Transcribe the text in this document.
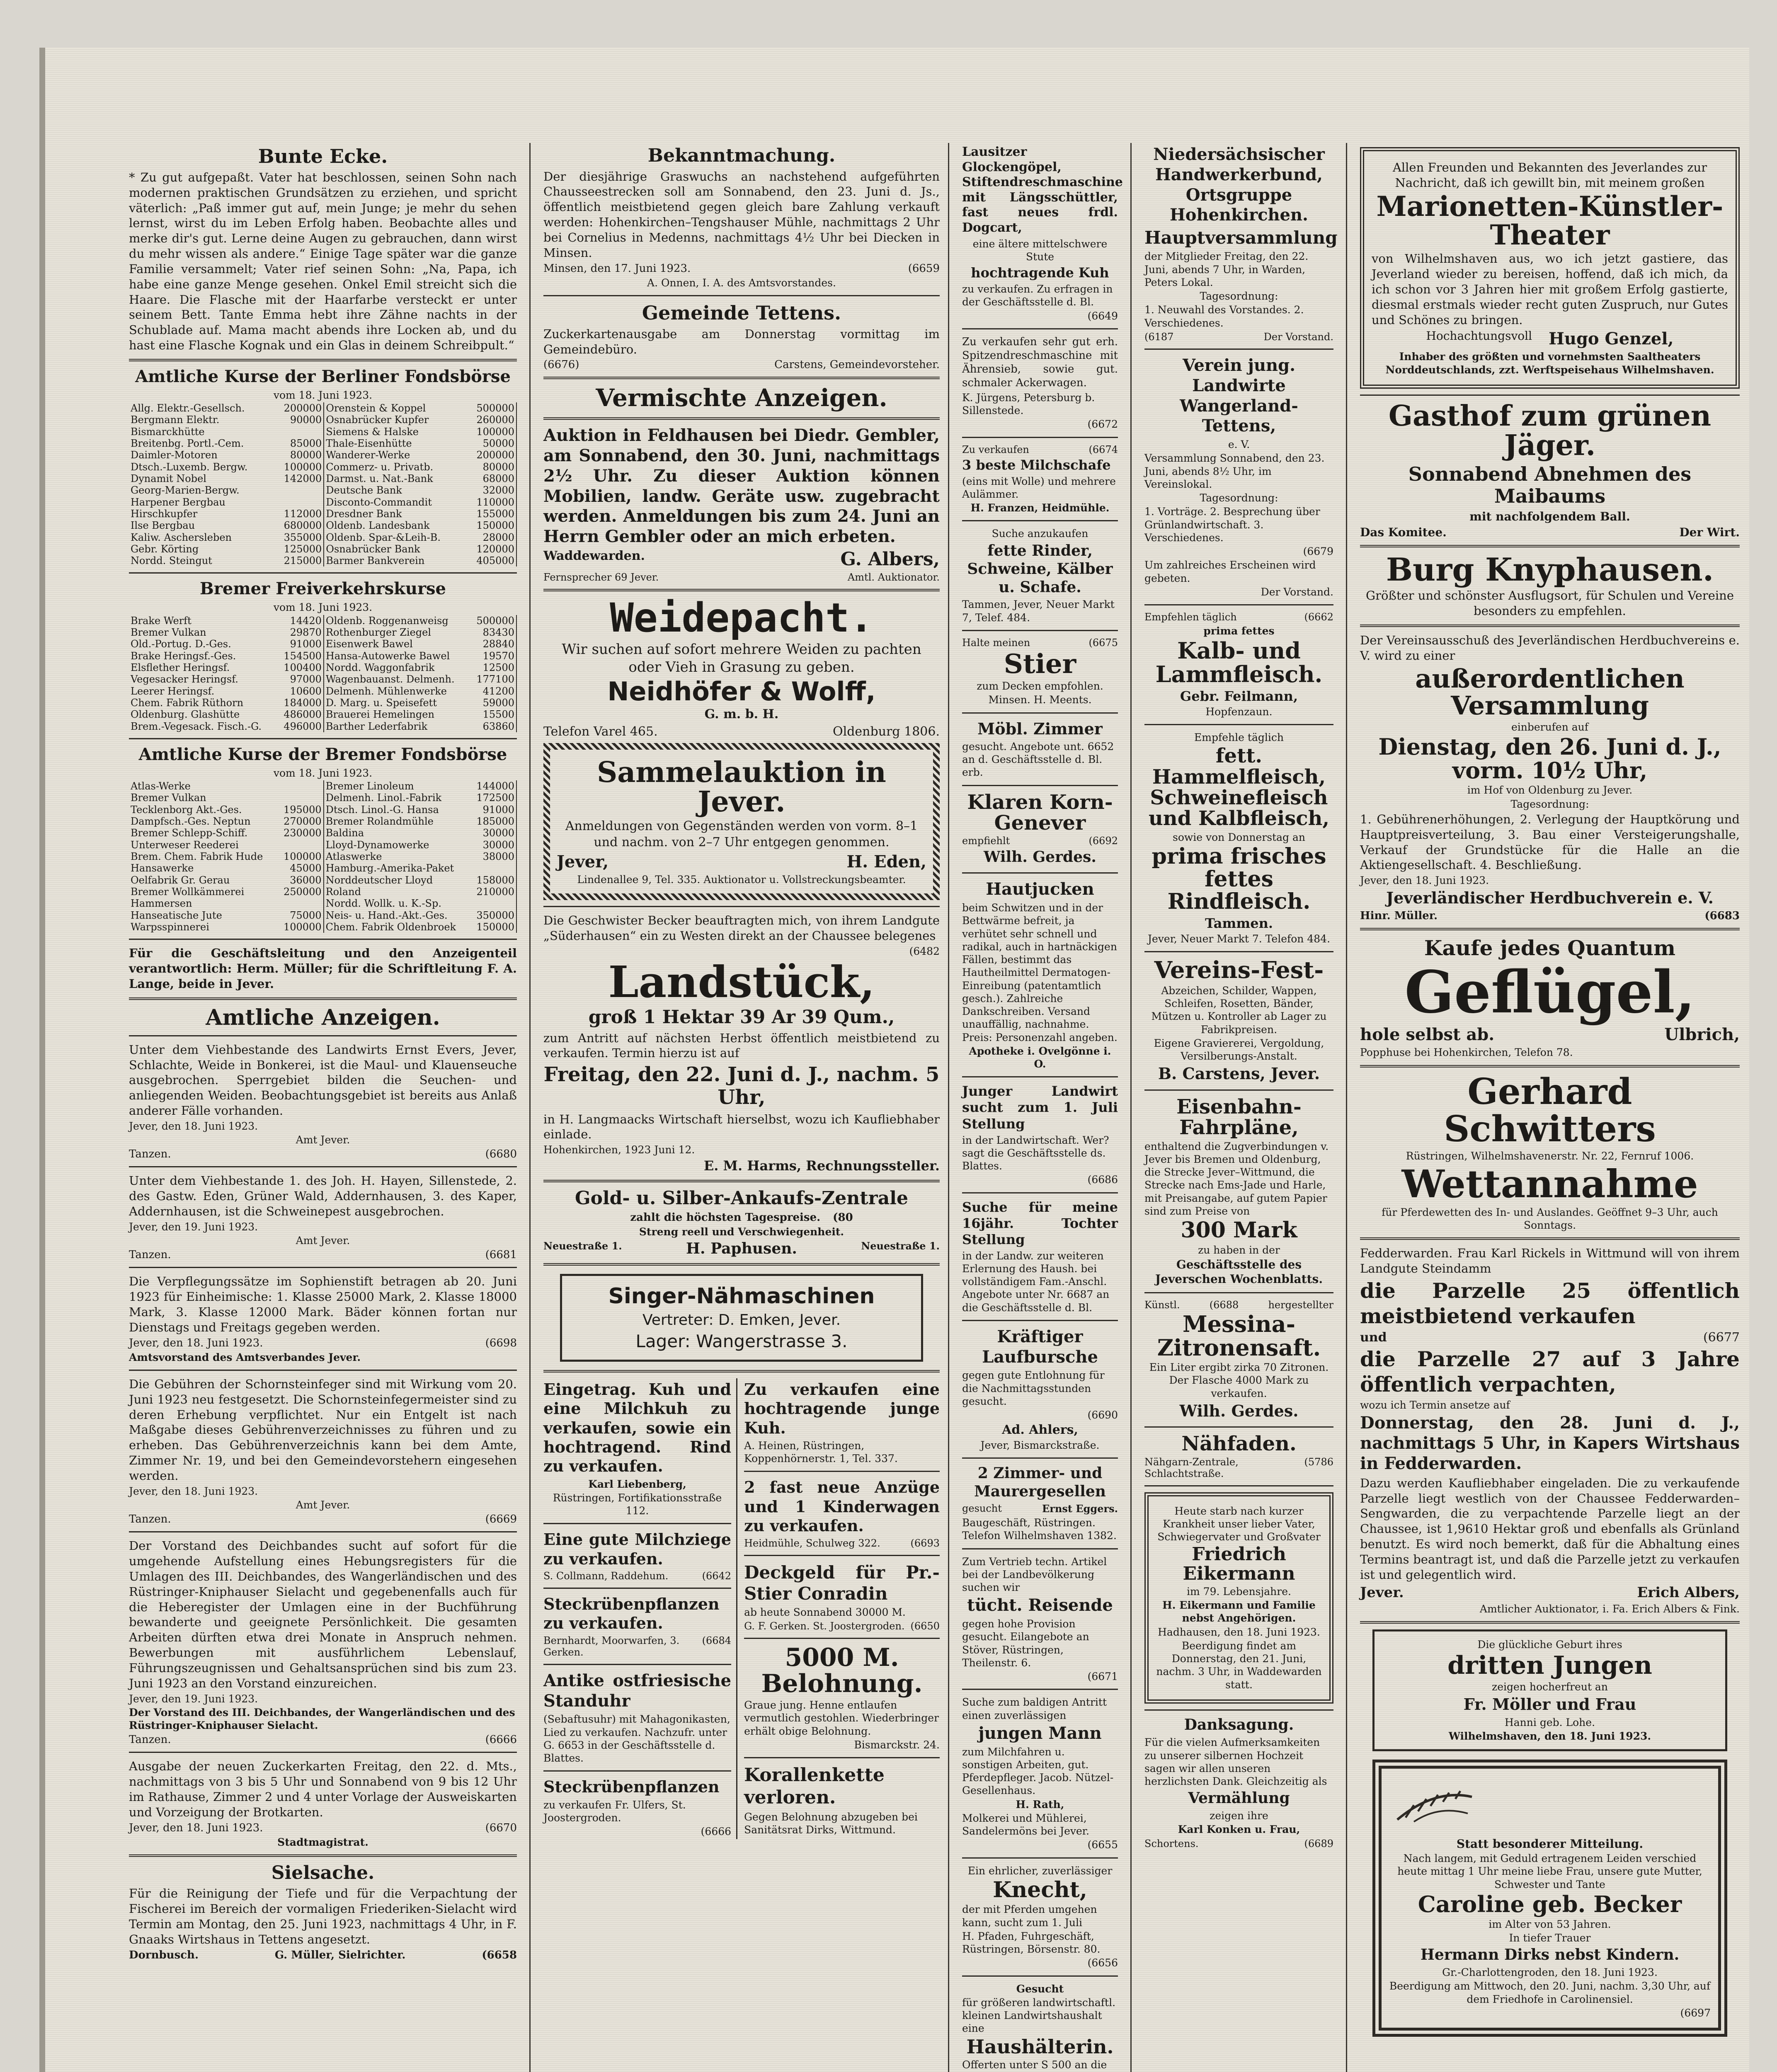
Bunte Ecke.
* Zu gut aufgepaßt. Vater hat beschlossen, seinen Sohn nach modernen praktischen Grundsätzen zu erziehen, und spricht väterlich: „Paß immer gut auf, mein Junge; je mehr du sehen lernst, wirst du im Leben Erfolg haben. Beobachte alles und merke dir's gut. Lerne deine Augen zu gebrauchen, dann wirst du mehr wissen als andere.“ Einige Tage später war die ganze Familie versammelt; Vater rief seinen Sohn: „Na, Papa, ich habe eine ganze Menge gesehen. Onkel Emil streicht sich die Haare. Die Flasche mit der Haarfarbe versteckt er unter seinem Bett. Tante Emma hebt ihre Zähne nachts in der Schublade auf. Mama macht abends ihre Locken ab, und du hast eine Flasche Kognak und ein Glas in deinem Schreibpult.“
Amtliche Kurse der Berliner Fondsbörse
vom 18. Juni 1923.
Allg. Elektr.-Gesellsch.	200000	Orenstein & Koppel	500000
Bergmann Elektr.	90000	Osnabrücker Kupfer	260000
Bismarckhütte		Siemens & Halske	100000
Breitenbg. Portl.-Cem.	85000	Thale-Eisenhütte	50000
Daimler-Motoren	80000	Wanderer-Werke	200000
Dtsch.-Luxemb. Bergw.	100000	Commerz- u. Privatb.	80000
Dynamit Nobel	142000	Darmst. u. Nat.-Bank	68000
Georg-Marien-Bergw.		Deutsche Bank	32000
Harpener Bergbau		Disconto-Commandit	110000
Hirschkupfer	112000	Dresdner Bank	155000
Ilse Bergbau	680000	Oldenb. Landesbank	150000
Kaliw. Aschersleben	355000	Oldenb. Spar-&Leih-B.	28000
Gebr. Körting	125000	Osnabrücker Bank	120000
Nordd. Steingut	215000	Barmer Bankverein	405000
Bremer Freiverkehrskurse
vom 18. Juni 1923.
Brake Werft	14420	Oldenb. Roggenanweisg	500000
Bremer Vulkan	29870	Rothenburger Ziegel	83430
Old.-Portug. D.-Ges.	91000	Eisenwerk Bawel	28840
Brake Heringsf.-Ges.	154500	Hansa-Autowerke Bawel	19570
Elsflether Heringsf.	100400	Nordd. Waggonfabrik	12500
Vegesacker Heringsf.	97000	Wagenbauanst. Delmenh.	177100
Leerer Heringsf.	10600	Delmenh. Mühlenwerke	41200
Chem. Fabrik Rüthorn	184000	D. Marg. u. Speisefett	59000
Oldenburg. Glashütte	486000	Brauerei Hemelingen	15500
Brem.-Vegesack. Fisch.-G.	496000	Barther Lederfabrik	63860
Amtliche Kurse der Bremer Fondsbörse
vom 18. Juni 1923.
Atlas-Werke		Bremer Linoleum	144000
Bremer Vulkan		Delmenh. Linol.-Fabrik	172500
Tecklenborg Akt.-Ges.	195000	Dtsch. Linol.-G. Hansa	91000
Dampfsch.-Ges. Neptun	270000	Bremer Rolandmühle	185000
Bremer Schlepp-Schiff.	230000	Baldina	30000
Unterweser Reederei		Lloyd-Dynamowerke	30000
Brem. Chem. Fabrik Hude	100000	Atlaswerke	38000
Hansawerke	45000	Hamburg.-Amerika-Paket	
Oelfabrik Gr. Gerau	36000	Norddeutscher Lloyd	158000
Bremer Wollkämmerei	250000	Roland	210000
Hammersen		Nordd. Wollk. u. K.-Sp.	
Hanseatische Jute	75000	Neis- u. Hand.-Akt.-Ges.	350000
Warpsspinnerei	100000	Chem. Fabrik Oldenbroek	150000
Für die Geschäftsleitung und den Anzeigenteil verantwortlich: Herm. Müller; für die Schriftleitung F. A. Lange, beide in Jever.
Amtliche Anzeigen.
Unter dem Viehbestande des Landwirts Ernst Evers, Jever, Schlachte, Weide in Bonkerei, ist die Maul- und Klauenseuche ausgebrochen. Sperrgebiet bilden die Seuchen- und anliegenden Weiden. Beobachtungsgebiet ist bereits aus Anlaß anderer Fälle vorhanden.
Jever, den 18. Juni 1923.
Amt Jever.
Tanzen.	(6680
Unter dem Viehbestande 1. des Joh. H. Hayen, Sillenstede, 2. des Gastw. Eden, Grüner Wald, Addernhausen, 3. des Kaper, Addernhausen, ist die Schweinepest ausgebrochen.
Jever, den 19. Juni 1923.
Amt Jever.
Tanzen.	(6681
Die Verpflegungssätze im Sophienstift betragen ab 20. Juni 1923 für Einheimische: 1. Klasse 25000 Mark, 2. Klasse 18000 Mark, 3. Klasse 12000 Mark. Bäder können fortan nur Dienstags und Freitags gegeben werden.
Jever, den 18. Juni 1923.	(6698
Amtsvorstand des Amtsverbandes Jever.
Die Gebühren der Schornsteinfeger sind mit Wirkung vom 20. Juni 1923 neu festgesetzt. Die Schornsteinfegermeister sind zu deren Erhebung verpflichtet. Nur ein Entgelt ist nach Maßgabe dieses Gebührenverzeichnisses zu führen und zu erheben. Das Gebührenverzeichnis kann bei dem Amte, Zimmer Nr. 19, und bei den Gemeindevorstehern eingesehen werden.
Jever, den 18. Juni 1923.
Amt Jever.
Tanzen.	(6669
Der Vorstand des Deichbandes sucht auf sofort für die umgehende Aufstellung eines Hebungsregisters für die Umlagen des III. Deichbandes, des Wangerländischen und des Rüstringer-Kniphauser Sielacht und gegebenenfalls auch für die Heberegister der Umlagen eine in der Buchführung bewanderte und geeignete Persönlichkeit. Die gesamten Arbeiten dürften etwa drei Monate in Anspruch nehmen. Bewerbungen mit ausführlichem Lebenslauf, Führungszeugnissen und Gehaltsansprüchen sind bis zum 23. Juni 1923 an den Vorstand einzureichen.
Jever, den 19. Juni 1923.
Der Vorstand des III. Deichbandes, der Wangerländischen und des Rüstringer-Kniphauser Sielacht.
Tanzen.	(6666
Ausgabe der neuen Zuckerkarten Freitag, den 22. d. Mts., nachmittags von 3 bis 5 Uhr und Sonnabend von 9 bis 12 Uhr im Rathause, Zimmer 2 und 4 unter Vorlage der Ausweiskarten und Vorzeigung der Brotkarten.
Jever, den 18. Juni 1923.	(6670
Stadtmagistrat.
Sielsache.
Für die Reinigung der Tiefe und für die Verpachtung der Fischerei im Bereich der vormaligen Friederiken-Sielacht wird Termin am Montag, den 25. Juni 1923, nachmittags 4 Uhr, in F. Gnaaks Wirtshaus in Tettens angesetzt.
Dornbusch.	G. Müller, Sielrichter.	(6658
Bekanntmachung.
Der diesjährige Graswuchs an nachstehend aufgeführten Chausseestrecken soll am Sonnabend, den 23. Juni d. Js., öffentlich meistbietend gegen gleich bare Zahlung verkauft werden: Hohenkirchen–Tengshauser Mühle, nachmittags 2 Uhr bei Cornelius in Medenns, nachmittags 4½ Uhr bei Diecken in Minsen.
Minsen, den 17. Juni 1923.	(6659
A. Onnen, I. A. des Amtsvorstandes.
Gemeinde Tettens.
Zuckerkartenausgabe am Donnerstag vormittag im Gemeindebüro.
(6676)	Carstens, Gemeindevorsteher.
Vermischte Anzeigen.
Auktion in Feldhausen bei Diedr. Gembler, am Sonnabend, den 30. Juni, nachmittags 2½ Uhr. Zu dieser Auktion können Mobilien, landw. Geräte usw. zugebracht werden. Anmeldungen bis zum 24. Juni an Herrn Gembler oder an mich erbeten.
Waddewarden.	G. Albers,
Fernsprecher 69 Jever.	Amtl. Auktionator.
Weidepacht.
Wir suchen auf sofort mehrere Weiden zu pachten oder Vieh in Grasung zu geben.
Neidhöfer & Wolff,
G. m. b. H.
Telefon Varel 465.	Oldenburg 1806.
Sammelauktion in Jever.
Anmeldungen von Gegenständen werden von vorm. 8–1 und nachm. von 2–7 Uhr entgegen genommen.
Jever,	H. Eden,
Lindenallee 9, Tel. 335. Auktionator u. Vollstreckungsbeamter.
Die Geschwister Becker beauftragten mich, von ihrem Landgute „Süderhausen“ ein zu Westen direkt an der Chaussee belegenes
(6482
Landstück,
groß 1 Hektar 39 Ar 39 Qum.,
zum Antritt auf nächsten Herbst öffentlich meistbietend zu verkaufen. Termin hierzu ist auf
Freitag, den 22. Juni d. J., nachm. 5 Uhr,
in H. Langmaacks Wirtschaft hierselbst, wozu ich Kaufliebhaber einlade.
Hohenkirchen, 1923 Juni 12.
E. M. Harms, Rechnungssteller.
Gold- u. Silber-Ankaufs-Zentrale
zahlt die höchsten Tagespreise. (80
Streng reell und Verschwiegenheit.
Neuestraße 1.	H. Paphusen.	Neuestraße 1.
Singer-Nähmaschinen
Vertreter: D. Emken, Jever.
Lager: Wangerstrasse 3.
Eingetrag. Kuh und eine Milchkuh zu verkaufen, sowie ein hochtragend. Rind zu verkaufen.
Karl Liebenberg,
Rüstringen, Fortifikationsstraße 112.
Eine gute Milchziege zu verkaufen.
S. Collmann, Raddehum.	(6642
Steckrübenpflanzen zu verkaufen.
Bernhardt, Moorwarfen, 3. Gerken.
(6684
Antike ostfriesische Standuhr
(Sebaftusuhr) mit Mahagonikasten, Lied zu verkaufen. Nachzufr. unter G. 6653 in der Geschäftsstelle d. Blattes.
Steckrübenpflanzen
zu verkaufen Fr. Ulfers, St. Joostergroden.
(6666
Zu verkaufen eine hochtragende junge Kuh.
A. Heinen, Rüstringen, Koppenhörnerstr. 1, Tel. 337.
2 fast neue Anzüge und 1 Kinderwagen zu verkaufen.
Heidmühle, Schulweg 322.	(6693
Deckgeld für Pr.-Stier Conradin
ab heute Sonnabend 30000 M.
G. F. Gerken. St. Joostergroden. (6650
5000 M. Belohnung.
Graue jung. Henne entlaufen vermutlich gestohlen. Wiederbringer erhält obige Belohnung.
Bismarckstr. 24.
Korallenkette verloren.
Gegen Belohnung abzugeben bei Sanitätsrat Dirks, Wittmund.
Lausitzer Glockengöpel, Stiftendreschmaschine mit Längsschüttler, fast neues frdl. Dogcart,
eine ältere mittelschwere Stute
hochtragende Kuh
zu verkaufen. Zu erfragen in der Geschäftsstelle d. Bl.
(6649
Zu verkaufen sehr gut erh. Spitzendreschmaschine mit Ährensieb, sowie gut. schmaler Ackerwagen.
K. Jürgens, Petersburg b. Sillenstede.
(6672
Zu verkaufen	(6674
3 beste Milchschafe
(eins mit Wolle) und mehrere Aulämmer.
H. Franzen, Heidmühle.
Suche anzukaufen
fette Rinder, Schweine, Kälber u. Schafe.
Tammen, Jever, Neuer Markt 7, Telef. 484.
Halte meinen	(6675
Stier
zum Decken empfohlen.
Minsen. H. Meents.
Möbl. Zimmer
gesucht. Angebote unt. 6652 an d. Geschäftsstelle d. Bl. erb.
Klaren Korn-Genever
empfiehlt	(6692
Wilh. Gerdes.
Hautjucken
beim Schwitzen und in der Bettwärme befreit, ja verhütet sehr schnell und radikal, auch in hartnäckigen Fällen, bestimmt das Hautheilmittel Dermatogen-Einreibung (patentamtlich gesch.). Zahlreiche Dankschreiben. Versand unauffällig, nachnahme. Preis: Personenzahl angeben.
Apotheke i. Ovelgönne i. O.
Junger Landwirt sucht zum 1. Juli Stellung
in der Landwirtschaft. Wer? sagt die Geschäftsstelle ds. Blattes.
(6686
Suche für meine 16jähr. Tochter Stellung
in der Landw. zur weiteren Erlernung des Haush. bei vollständigem Fam.-Anschl. Angebote unter Nr. 6687 an die Geschäftsstelle d. Bl.
Kräftiger Laufbursche
gegen gute Entlohnung für die Nachmittagsstunden gesucht.
(6690
Ad. Ahlers,
Jever, Bismarckstraße.
2 Zimmer- und Maurergesellen
gesucht	Ernst Eggers.
Baugeschäft, Rüstringen. Telefon Wilhelmshaven 1382.
Zum Vertrieb techn. Artikel bei der Landbevölkerung suchen wir
tücht. Reisende
gegen hohe Provision gesucht. Eilangebote an Stöver, Rüstringen, Theilenstr. 6.
(6671
Suche zum baldigen Antritt einen zuverlässigen
jungen Mann
zum Milchfahren u. sonstigen Arbeiten, gut. Pferdepfleger. Jacob. Nützel-Gesellenhaus.
H. Rath,
Molkerei und Mühlerei, Sandelermöns bei Jever.
(6655
Ein ehrlicher, zuverlässiger
Knecht,
der mit Pferden umgehen kann, sucht zum 1. Juli
H. Pfaden, Fuhrgeschäft, Rüstringen, Börsenstr. 80.
(6656
Gesucht
für größeren landwirtschaftl. kleinen Landwirtshaushalt eine
Haushälterin.
Offerten unter S 500 an die
Niedersächsischer Handwerkerbund, Ortsgruppe Hohenkirchen.
Hauptversammlung
der Mitglieder Freitag, den 22. Juni, abends 7 Uhr, in Warden, Peters Lokal.
Tagesordnung:
1. Neuwahl des Vorstandes. 2. Verschiedenes.
(6187	Der Vorstand.
Verein jung. Landwirte Wangerland-Tettens,
e. V.
Versammlung Sonnabend, den 23. Juni, abends 8½ Uhr, im Vereinslokal.
Tagesordnung:
1. Vorträge. 2. Besprechung über Grünlandwirtschaft. 3. Verschiedenes.
(6679
Um zahlreiches Erscheinen wird gebeten.
Der Vorstand.
Empfehlen täglich	(6662
prima fettes
Kalb- und Lammfleisch.
Gebr. Feilmann,
Hopfenzaun.
Empfehle täglich
fett. Hammelfleisch, Schweinefleisch und Kalbfleisch,
sowie von Donnerstag an
prima frisches fettes Rindfleisch.
Tammen.
Jever, Neuer Markt 7. Telefon 484.
Vereins-Fest-
Abzeichen, Schilder, Wappen, Schleifen, Rosetten, Bänder, Mützen u. Kontroller ab Lager zu Fabrikpreisen.
Eigene Graviererei, Vergoldung, Versilberungs-Anstalt.
B. Carstens, Jever.
Eisenbahn-Fahrpläne,
enthaltend die Zugverbindungen v. Jever bis Bremen und Oldenburg, die Strecke Jever–Wittmund, die Strecke nach Ems-Jade und Harle, mit Preisangabe, auf gutem Papier sind zum Preise von
300 Mark
zu haben in der
Geschäftsstelle des Jeverschen Wochenblatts.
Künstl.	(6688	hergestellter
Messina-Zitronensaft.
Ein Liter ergibt zirka 70 Zitronen. Der Flasche 4000 Mark zu verkaufen.
Wilh. Gerdes.
Nähfaden.
Nähgarn-Zentrale, Schlachtstraße.
(5786
Heute starb nach kurzer Krankheit unser lieber Vater, Schwiegervater und Großvater
Friedrich Eikermann
im 79. Lebensjahre.
H. Eikermann und Familie nebst Angehörigen.
Hadhausen, den 18. Juni 1923.
Beerdigung findet am Donnerstag, den 21. Juni, nachm. 3 Uhr, in Waddewarden statt.
Danksagung.
Für die vielen Aufmerksamkeiten zu unserer silbernen Hochzeit sagen wir allen unseren herzlichsten Dank. Gleichzeitig als
Vermählung
zeigen ihre
Karl Konken u. Frau,
Schortens.	(6689
Allen Freunden und Bekannten des Jeverlandes zur Nachricht, daß ich gewillt bin, mit meinem großen
Marionetten-Künstler-Theater
von Wilhelmshaven aus, wo ich jetzt gastiere, das Jeverland wieder zu bereisen, hoffend, daß ich mich, da ich schon vor 3 Jahren hier mit großem Erfolg gastierte, diesmal erstmals wieder recht guten Zuspruch, nur Gutes und Schönes zu bringen.
Hochachtungsvoll Hugo Genzel,
Inhaber des größten und vornehmsten Saaltheaters Norddeutschlands, zzt. Werftspeisehaus Wilhelmshaven.
Gasthof zum grünen Jäger.
Sonnabend Abnehmen des Maibaums
mit nachfolgendem Ball.
Das Komitee.	Der Wirt.
Burg Knyphausen.
Größter und schönster Ausflugsort, für Schulen und Vereine besonders zu empfehlen.
Der Vereinsausschuß des Jeverländischen Herdbuchvereins e. V. wird zu einer
außerordentlichen Versammlung
einberufen auf
Dienstag, den 26. Juni d. J., vorm. 10½ Uhr,
im Hof von Oldenburg zu Jever.
Tagesordnung:
1. Gebührenerhöhungen, 2. Verlegung der Hauptkörung und Hauptpreisverteilung, 3. Bau einer Versteigerungshalle, Verkauf der Grundstücke für die Halle an die Aktiengesellschaft. 4. Beschließung.
Jever, den 18. Juni 1923.
Jeverländischer Herdbuchverein e. V.
Hinr. Müller.	(6683
Kaufe jedes Quantum
Geflügel,
hole selbst ab.	Ulbrich,
Popphuse bei Hohenkirchen, Telefon 78.
Gerhard Schwitters
Rüstringen, Wilhelmshavenerstr. Nr. 22, Fernruf 1006.
Wettannahme
für Pferdewetten des In- und Auslandes. Geöffnet 9–3 Uhr, auch Sonntags.
Fedderwarden. Frau Karl Rickels in Wittmund will von ihrem Landgute Steindamm
die Parzelle 25 öffentlich meistbietend verkaufen
und	(6677
die Parzelle 27 auf 3 Jahre öffentlich verpachten,
wozu ich Termin ansetze auf
Donnerstag, den 28. Juni d. J., nachmittags 5 Uhr, in Kapers Wirtshaus in Fedderwarden.
Dazu werden Kaufliebhaber eingeladen. Die zu verkaufende Parzelle liegt westlich von der Chaussee Fedderwarden–Sengwarden, die zu verpachtende Parzelle liegt an der Chaussee, ist 1,9610 Hektar groß und ebenfalls als Grünland benutzt. Es wird noch bemerkt, daß für die Abhaltung eines Termins beantragt ist, und daß die Parzelle jetzt zu verkaufen ist und gelegentlich wird.
Jever.	Erich Albers,
Amtlicher Auktionator, i. Fa. Erich Albers & Fink.
Die glückliche Geburt ihres
dritten Jungen
zeigen hocherfreut an
Fr. Möller und Frau
Hanni geb. Lohe.
Wilhelmshaven, den 18. Juni 1923.
Statt besonderer Mitteilung.
Nach langem, mit Geduld ertragenem Leiden verschied heute mittag 1 Uhr meine liebe Frau, unsere gute Mutter, Schwester und Tante
Caroline geb. Becker
im Alter von 53 Jahren.
In tiefer Trauer
Hermann Dirks nebst Kindern.
Gr.-Charlottengroden, den 18. Juni 1923.
Beerdigung am Mittwoch, den 20. Juni, nachm. 3,30 Uhr, auf dem Friedhofe in Carolinensiel.
(6697
